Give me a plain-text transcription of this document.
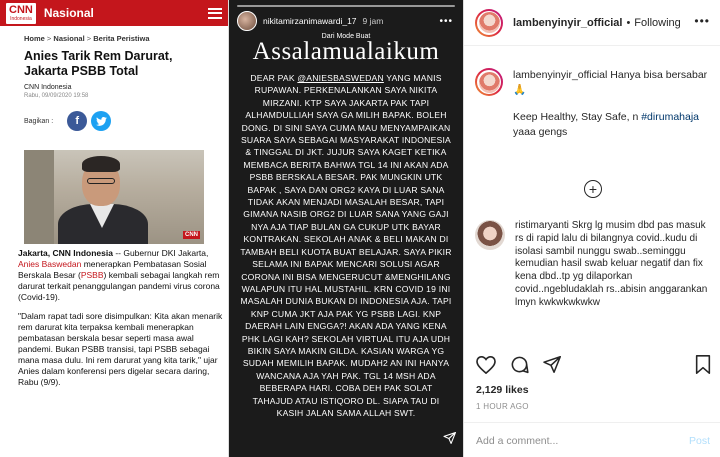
CNN
Indonesia Nasional
Home > Nasional > Berita Peristiwa
Anies Tarik Rem Darurat, Jakarta PSBB Total
CNN Indonesia
Rabu, 09/09/2020 19:58
Bagikan :	f
CNN

Jakarta, CNN Indonesia -- Gubernur DKI Jakarta, Anies Baswedan menerapkan Pembatasan Sosial Berskala Besar (PSBB) kembali sebagai langkah rem darurat terkait penanggulangan pandemi virus corona (Covid-19).

"Dalam rapat tadi sore disimpulkan: Kita akan menarik rem darurat kita terpaksa kembali menerapkan pembatasan berskala besar seperti masa awal pandemi. Bukan PSBB transisi, tapi PSBB sebagai mana masa dulu. Ini rem darurat yang kita tarik," ujar Anies dalam konferensi pers digelar secara daring, Rabu (9/9).

nikitamirzanimawardi_17 9 jam	•••
Dari Mode Buat
Assalamualaikum
DEAR PAK @ANIESBASWEDAN YANG MANIS RUPAWAN. PERKENALANKAN SAYA NIKITA MIRZANI. KTP SAYA JAKARTA PAK TAPI ALHAMDULLIAH SAYA GA MILIH BAPAK. BOLEH DONG. DI SINI SAYA CUMA MAU MENYAMPAIKAN SUARA SAYA SEBAGAI MASYARAKAT INDONESIA & TINGGAL DI JKT. JUJUR SAYA KAGET KETIKA MEMBACA BERITA BAHWA TGL 14 INI AKAN ADA PSBB BERSKALA BESAR. PAK MUNGKIN UTK BAPAK , SAYA DAN ORG2 KAYA DI LUAR SANA TIDAK AKAN MENJADI MASALAH BESAR, TAPI GIMANA NASIB ORG2 DI LUAR SANA YANG GAJI NYA AJA TIAP BULAN GA CUKUP UTK BAYAR KONTRAKAN. SEKOLAH ANAK & BELI MAKAN DI TAMBAH BELI KUOTA BUAT BELAJAR. SAYA PIKIR SELAMA INI BAPAK MENCARI SOLUSI AGAR CORONA INI BISA MENGERUCUT &MENGHILANG WALAPUN ITU HAL MUSTAHIL. KRN COVID 19 INI MASALAH DUNIA BUKAN DI INDONESIA AJA. TAPI KNP CUMA JKT AJA PAK YG PSBB LAGI. KNP DAERAH LAIN ENGGA?! AKAN ADA YANG KENA PHK LAGI KAH? SEKOLAH VIRTUAL ITU AJA UDH BIKIN SAYA MAKIN GILDA. KASIAN WARGA YG SUDAH MEMILIH BAPAK. MUDAH2 AN INI HANYA WANCANA AJA YAH PAK. TGL 14 MSH ADA BEBERAPA HARI. COBA DEH PAK SOLAT TAHAJUD ATAU ISTIQORO DL. SIAPA TAU DI KASIH JALAN SAMA ALLAH SWT.
lambenyinyir_official • Following •••
lambenyinyir_official Hanya bisa bersabar 🙏
Keep Healthy, Stay Safe, n #dirumahaja yaaa gengs
+
ristimaryanti Skrg lg musim dbd pas masuk rs di rapid lalu di bilangnya covid..kudu di isolasi sambil nunggu swab..seminggu kemudian hasil swab keluar negatif dan fix kena dbd..tp yg dilaporkan covid..ngebludaklah rs..abisin anggarankan lmyn kwkwkwkwkw
2,129 likes
1 HOUR AGO
Add a comment...	Post
